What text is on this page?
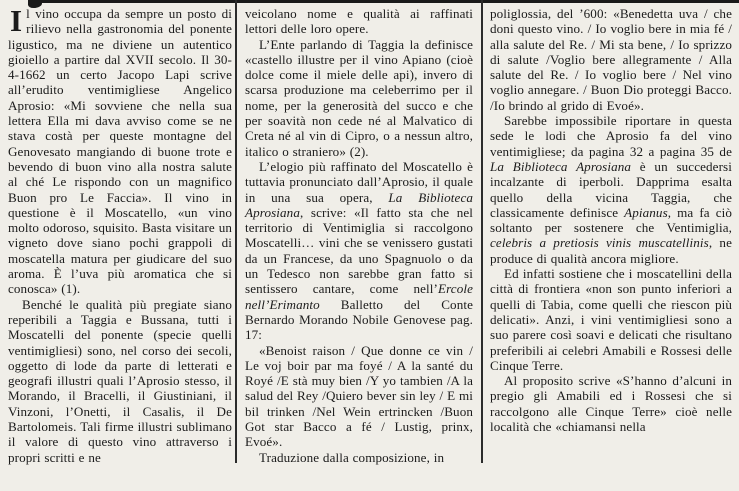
Il vino occupa da sempre un posto di rilievo nella gastronomia del ponente ligustico, ma ne diviene un autentico gioiello a partire dal XVII secolo. Il 30-4-1662 un certo Jacopo Lapi scrive all’erudito ventimigliese Angelico Aprosio: «Mi sovviene che nella sua lettera Ella mi dava avviso come se ne stava costà per queste montagne del Genovesato mangiando di buone trote e bevendo di buon vino alla nostra salute al ché Le rispondo con un magnifico Buon pro Le Faccia». Il vino in questione è il Moscatello, «un vino molto odoroso, squisito. Basta visitare un vigneto dove siano pochi grappoli di moscatella matura per giudicare del suo aroma. È l’uva più aromatica che si conosca» (1).

Benché le qualità più pregiate siano reperibili a Taggia e Bussana, tutti i Moscatelli del ponente (specie quelli ventimigliesi) sono, nel corso dei secoli, oggetto di lode da parte di letterati e geografi illustri quali l’Aprosio stesso, il Morando, il Bracelli, il Giustiniani, il Vinzoni, l’Onetti, il Casalis, il De Bartolomeis. Tali firme illustri sublimano il valore di questo vino attraverso i propri scritti e ne

veicolano nome e qualità ai raffinati lettori delle loro opere.

L’Ente parlando di Taggia la definisce «castello illustre per il vino Apiano (cioè dolce come il miele delle api), invero di scarsa produzione ma celeberrimo per il nome, per la generosità del succo e che per soavità non cede né al Malvatico di Creta né al vin di Cipro, o a nessun altro, italico o straniero» (2).

L’elogio più raffinato del Moscatello è tuttavia pronunciato dall’Aprosio, il quale in una sua opera, La Biblioteca Aprosiana, scrive: «Il fatto sta che nel territorio di Ventimiglia si raccolgono Moscatelli… vini che se venissero gustati da un Francese, da uno Spagnuolo o da un Tedesco non sarebbe gran fatto si sentissero cantare, come nell’Ercole nell’Erimanto Balletto del Conte Bernardo Morando Nobile Genovese pag. 17:

«Benoist raison / Que donne ce vin / Le voj boir par ma foyé / A la santé du Royé /E stà muy bien /Y yo tambien /A la salud del Rey /Quiero bever sin ley / E mi bil trinken /Nel Wein ertrincken /Buon Got star Bacco a fé / Lustig, prinx, Evoé».

Traduzione dalla composizione, in

poliglossia, del ’600: «Benedetta uva / che doni questo vino. / Io voglio bere in mia fé / alla salute del Re. / Mi sta bene, / Io sprizzo di salute /Voglio bere allegramente / Alla salute del Re. / Io voglio bere / Nel vino voglio annegare. / Buon Dio proteggi Bacco. /Io brindo al grido di Evoé».

Sarebbe impossibile riportare in questa sede le lodi che Aprosio fa del vino ventimigliese; da pagina 32 a pagina 35 de La Biblioteca Aprosiana è un succedersi incalzante di iperboli. Dapprima esalta quello della vicina Taggia, che classicamente definisce Apianus, ma fa ciò soltanto per sostenere che Ventimiglia, celebris a pretiosis vinis muscatellinis, ne produce di qualità ancora migliore.

Ed infatti sostiene che i moscatellini della città di frontiera «non son punto inferiori a quelli di Tabia, come quelli che riescon più delicati». Anzi, i vini ventimigliesi sono a suo parere così soavi e delicati che risultano preferibili ai celebri Amabili e Rossesi delle Cinque Terre.

Al proposito scrive «S’hanno d’alcuni in pregio gli Amabili ed i Rossesi che si raccolgono alle Cinque Terre» cioè nelle località che «chiamansi nella
